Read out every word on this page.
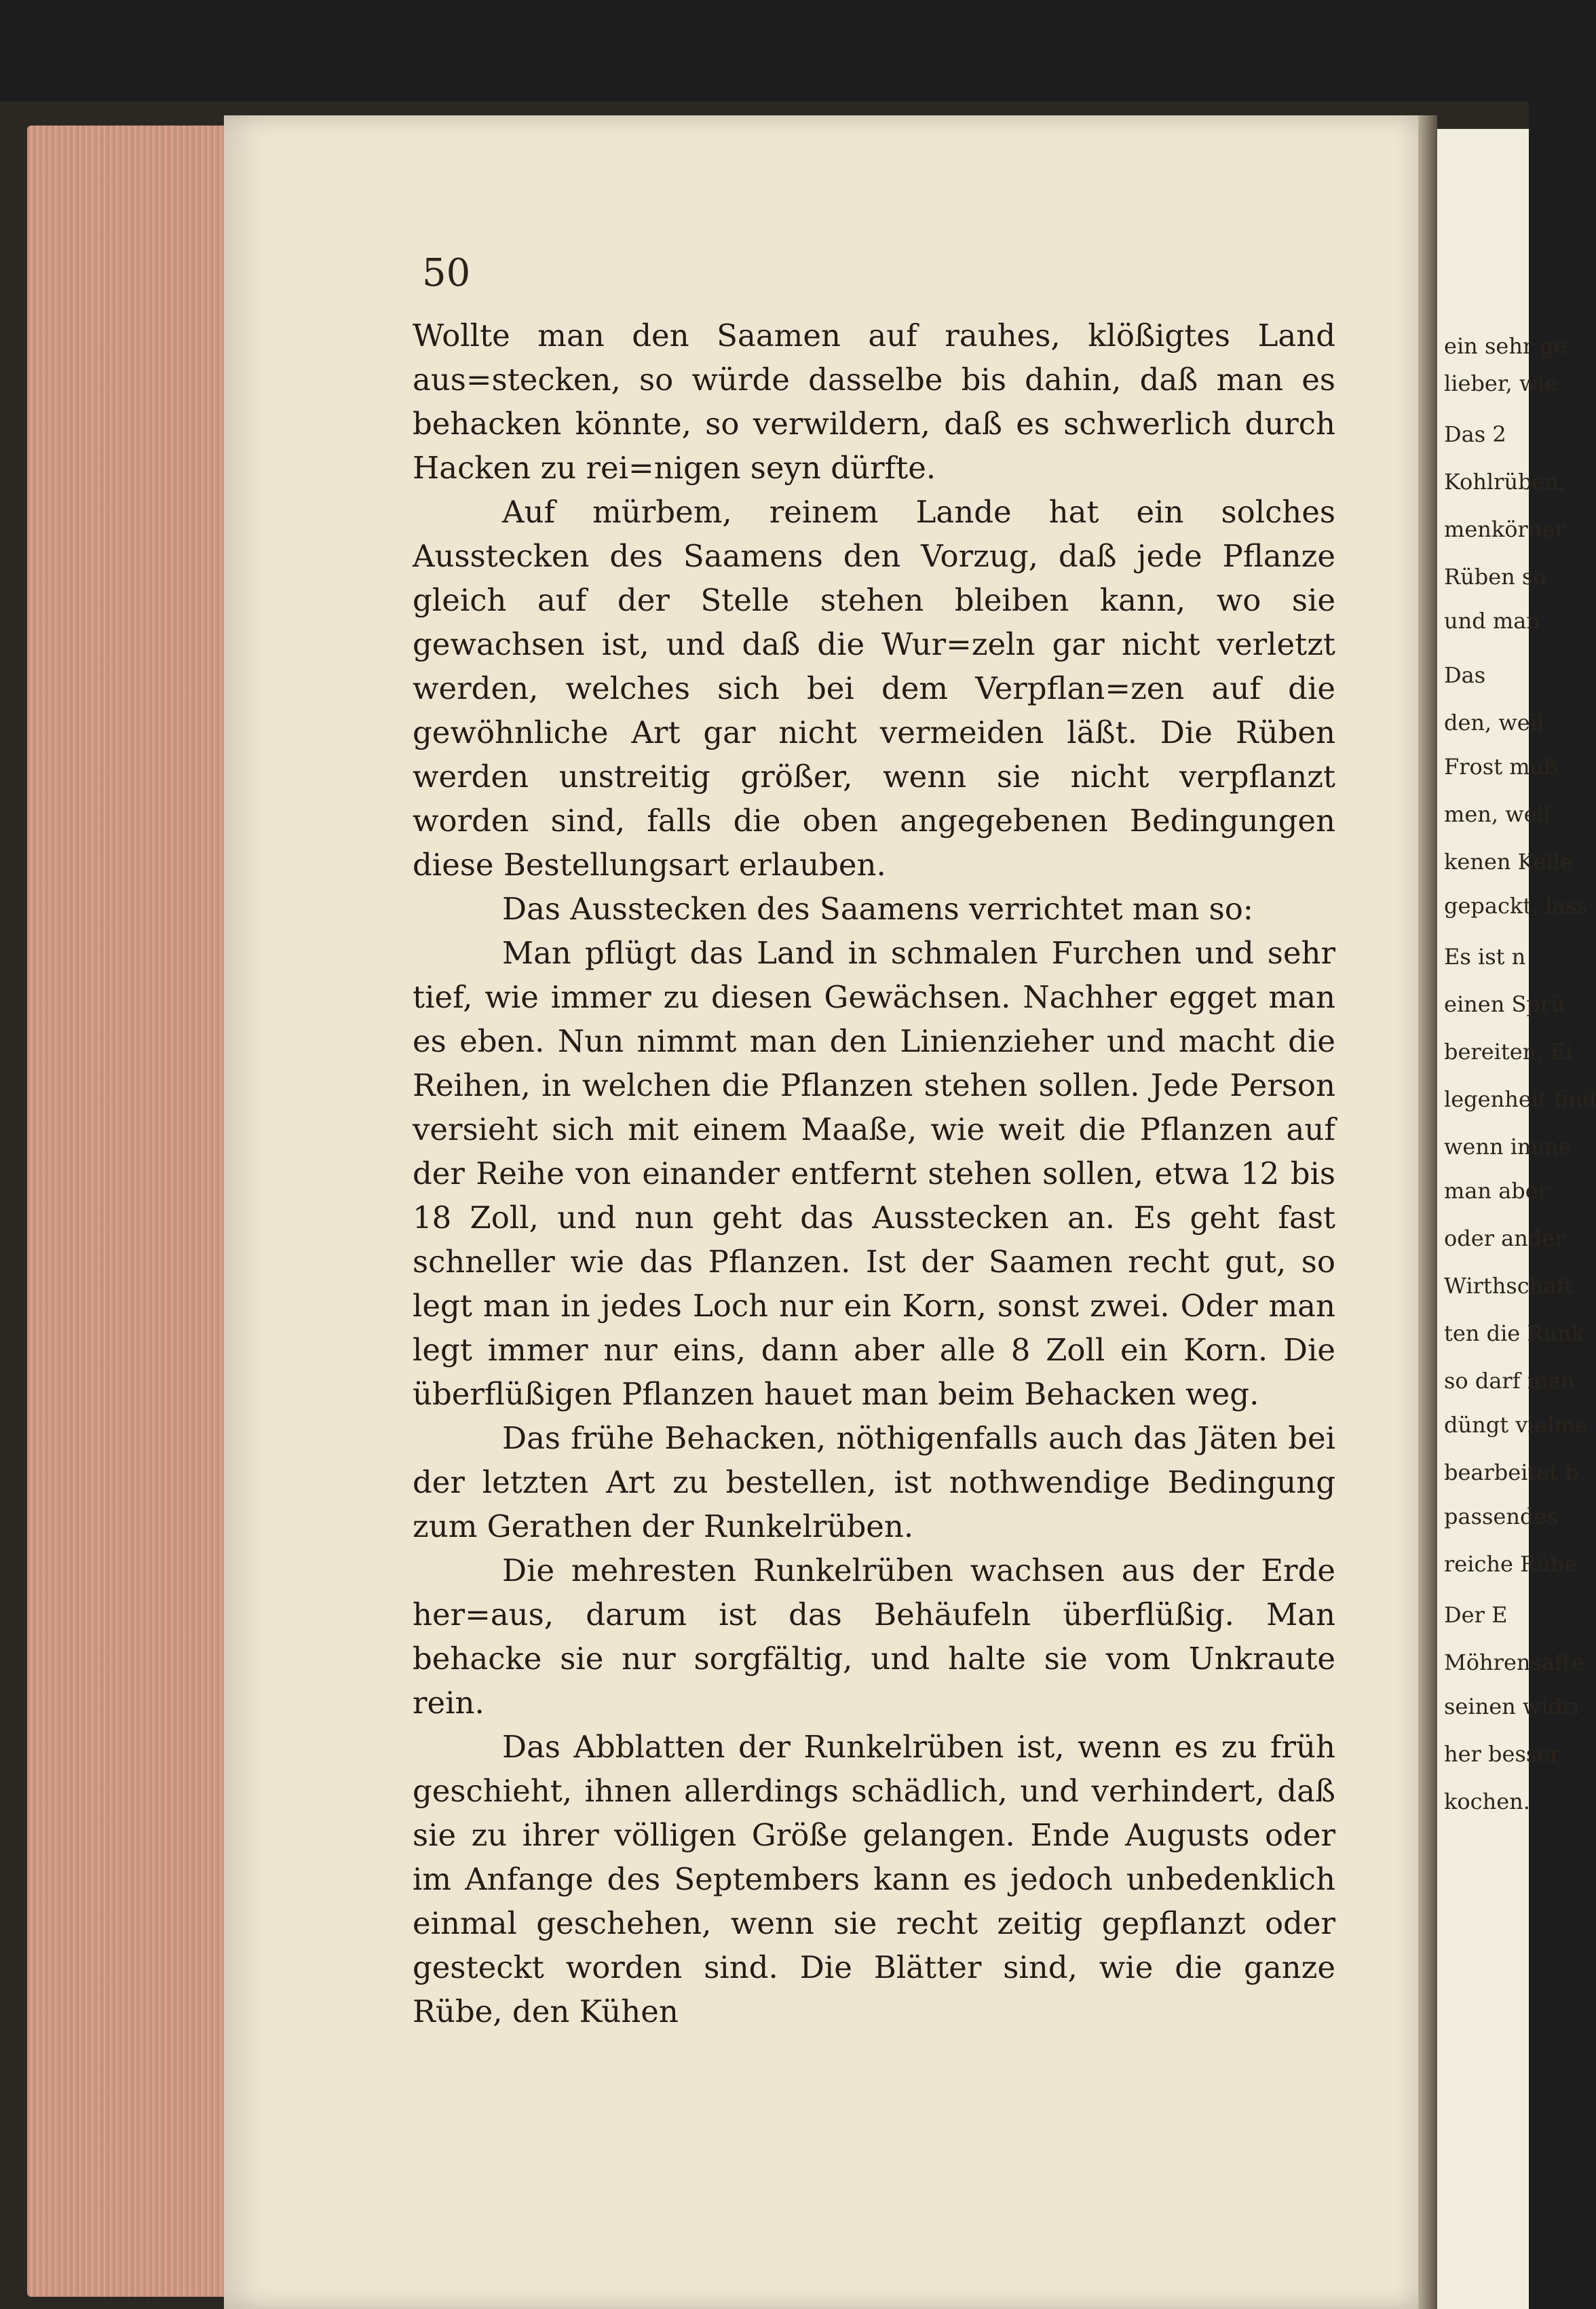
50

Wollte man den Saamen auf rauhes, klößigtes Land aus=stecken, so würde dasselbe bis dahin, daß man es behacken könnte, so verwildern, daß es schwerlich durch Hacken zu rei=nigen seyn dürfte.

Auf mürbem, reinem Lande hat ein solches Ausstecken des Saamens den Vorzug, daß jede Pflanze gleich auf der Stelle stehen bleiben kann, wo sie gewachsen ist, und daß die Wur=zeln gar nicht verletzt werden, welches sich bei dem Verpflan=zen auf die gewöhnliche Art gar nicht vermeiden läßt. Die Rüben werden unstreitig größer, wenn sie nicht verpflanzt worden sind, falls die oben angegebenen Bedingungen diese Bestellungsart erlauben.

Das Ausstecken des Saamens verrichtet man so:

Man pflügt das Land in schmalen Furchen und sehr tief, wie immer zu diesen Gewächsen. Nachher egget man es eben. Nun nimmt man den Linienzieher und macht die Reihen, in welchen die Pflanzen stehen sollen. Jede Person versieht sich mit einem Maaße, wie weit die Pflanzen auf der Reihe von einander entfernt stehen sollen, etwa 12 bis 18 Zoll, und nun geht das Ausstecken an. Es geht fast schneller wie das Pflanzen. Ist der Saamen recht gut, so legt man in jedes Loch nur ein Korn, sonst zwei. Oder man legt immer nur eins, dann aber alle 8 Zoll ein Korn. Die überflüßigen Pflanzen hauet man beim Behacken weg.

Das frühe Behacken, nöthigenfalls auch das Jäten bei der letzten Art zu bestellen, ist nothwendige Bedingung zum Gerathen der Runkelrüben.

Die mehresten Runkelrüben wachsen aus der Erde her=aus, darum ist das Behäufeln überflüßig. Man behacke sie nur sorgfältig, und halte sie vom Unkraute rein.

Das Abblatten der Runkelrüben ist, wenn es zu früh geschieht, ihnen allerdings schädlich, und verhindert, daß sie zu ihrer völligen Größe gelangen. Ende Augusts oder im Anfange des Septembers kann es jedoch unbedenklich einmal geschehen, wenn sie recht zeitig gepflanzt oder gesteckt worden sind. Die Blätter sind, wie die ganze Rübe, den Kühen

ein sehr ge
lieber, wie
Das 2
Kohlrüben,
menkörner
Rüben so
und man
Das
den, weil
Frost muß
men, weil
kenen Kelle
gepackt, lass
Es ist n
einen Sprü
bereiten. Ei
legenheit find
wenn imme
man aber
oder ander
Wirthschaft
ten die Runk
so darf man
düngt vielme
bearbeitet b
passendes
reiche Rübe
Der E
Möhrensafte
seinen widri
her besser
kochen.
